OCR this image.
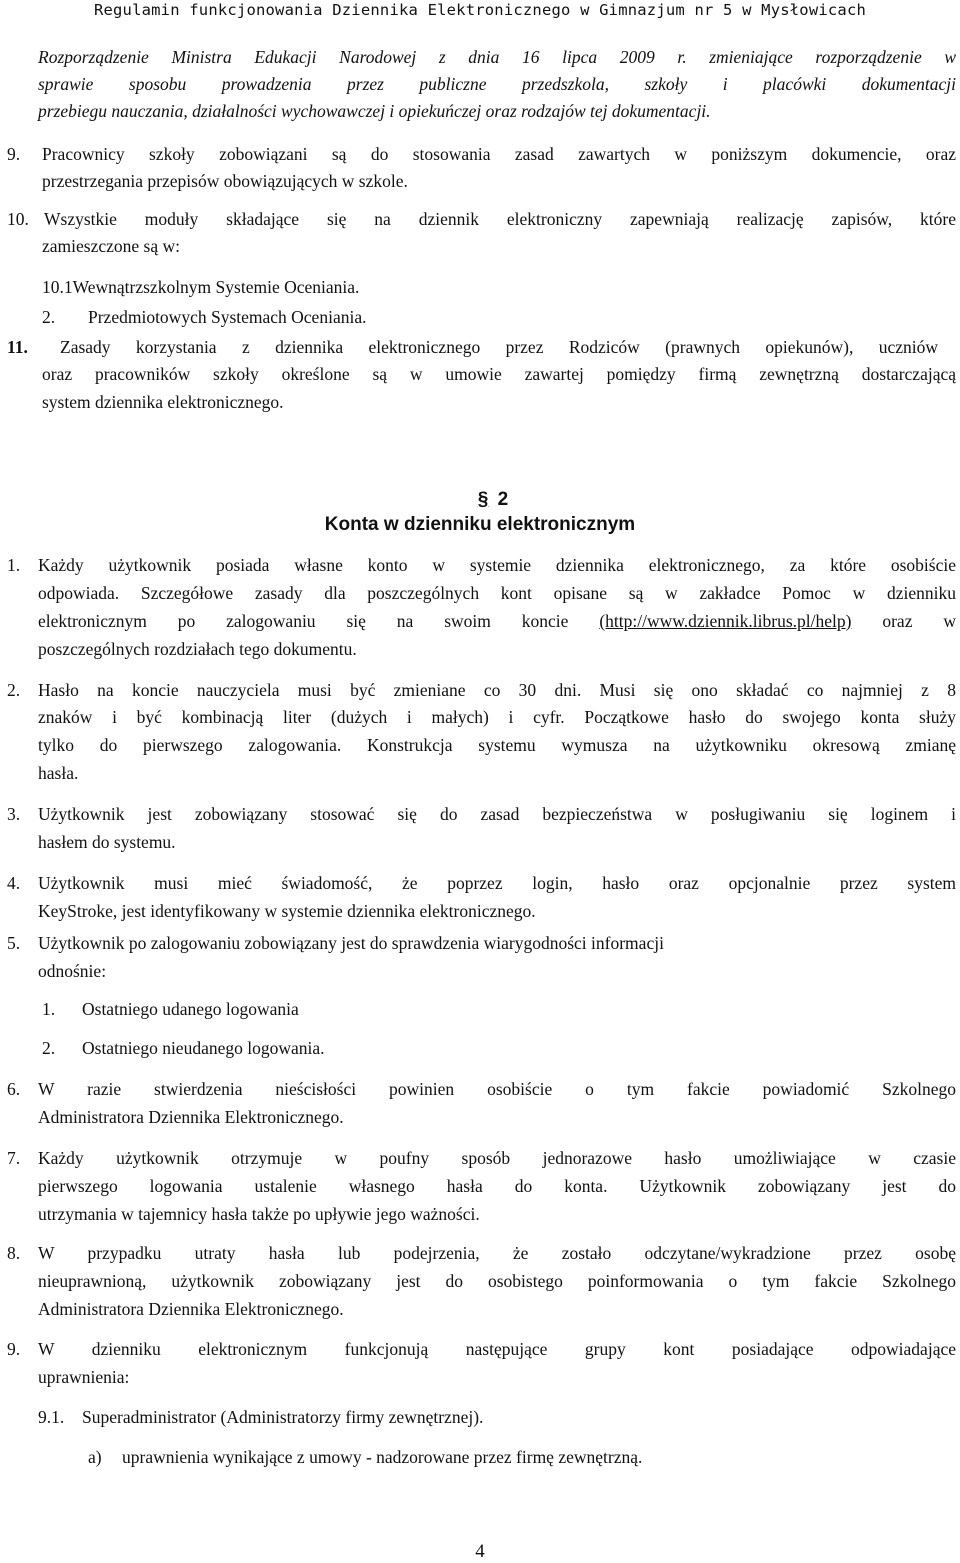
Regulamin funkcjonowania Dziennika Elektronicznego w Gimnazjum nr 5 w Mysłowicach
Rozporządzenie Ministra Edukacji Narodowej z dnia 16 lipca 2009 r. zmieniające rozporządzenie w
sprawie sposobu prowadzenia przez publiczne przedszkola, szkoły i placówki dokumentacji
przebiegu nauczania, działalności wychowawczej i opiekuńczej oraz rodzajów tej dokumentacji.
9. Pracownicy szkoły zobowiązani są do stosowania zasad zawartych w poniższym dokumencie, oraz
przestrzegania przepisów obowiązujących w szkole.
10. Wszystkie moduły składające się na dziennik elektroniczny zapewniają realizację zapisów, które
zamieszczone są w:
10.1Wewnątrzszkolnym Systemie Oceniania.
2. Przedmiotowych Systemach Oceniania.
11. Zasady korzystania z dziennika elektronicznego przez Rodziców (prawnych opiekunów), uczniów
oraz pracowników szkoły określone są w umowie zawartej pomiędzy firmą zewnętrzną dostarczającą
system dziennika elektronicznego.
§ 2
Konta w dzienniku elektronicznym
1. Każdy użytkownik posiada własne konto w systemie dziennika elektronicznego, za które osobiście
odpowiada. Szczegółowe zasady dla poszczególnych kont opisane są w zakładce Pomoc w dzienniku
elektronicznym po zalogowaniu się na swoim koncie (http://www.dziennik.librus.pl/help) oraz w
poszczególnych rozdziałach tego dokumentu.
2. Hasło na koncie nauczyciela musi być zmieniane co 30 dni. Musi się ono składać co najmniej z 8
znaków i być kombinacją liter (dużych i małych) i cyfr. Początkowe hasło do swojego konta służy
tylko do pierwszego zalogowania. Konstrukcja systemu wymusza na użytkowniku okresową zmianę
hasła.
3. Użytkownik jest zobowiązany stosować się do zasad bezpieczeństwa w posługiwaniu się loginem i
hasłem do systemu.
4. Użytkownik musi mieć świadomość, że poprzez login, hasło oraz opcjonalnie przez system
KeyStroke, jest identyfikowany w systemie dziennika elektronicznego.
5. Użytkownik po zalogowaniu zobowiązany jest do sprawdzenia wiarygodności informacji
odnośnie:
1. Ostatniego udanego logowania
2. Ostatniego nieudanego logowania.
6. W razie stwierdzenia nieścisłości powinien osobiście o tym fakcie powiadomić Szkolnego
Administratora Dziennika Elektronicznego.
7. Każdy użytkownik otrzymuje w poufny sposób jednorazowe hasło umożliwiające w czasie
pierwszego logowania ustalenie własnego hasła do konta. Użytkownik zobowiązany jest do
utrzymania w tajemnicy hasła także po upływie jego ważności.
8. W przypadku utraty hasła lub podejrzenia, że zostało odczytane/wykradzione przez osobę
nieuprawnioną, użytkownik zobowiązany jest do osobistego poinformowania o tym fakcie Szkolnego
Administratora Dziennika Elektronicznego.
9. W dzienniku elektronicznym funkcjonują następujące grupy kont posiadające odpowiadające
uprawnienia:
9.1. Superadministrator (Administratorzy firmy zewnętrznej).
a) uprawnienia wynikające z umowy - nadzorowane przez firmę zewnętrzną.
4
